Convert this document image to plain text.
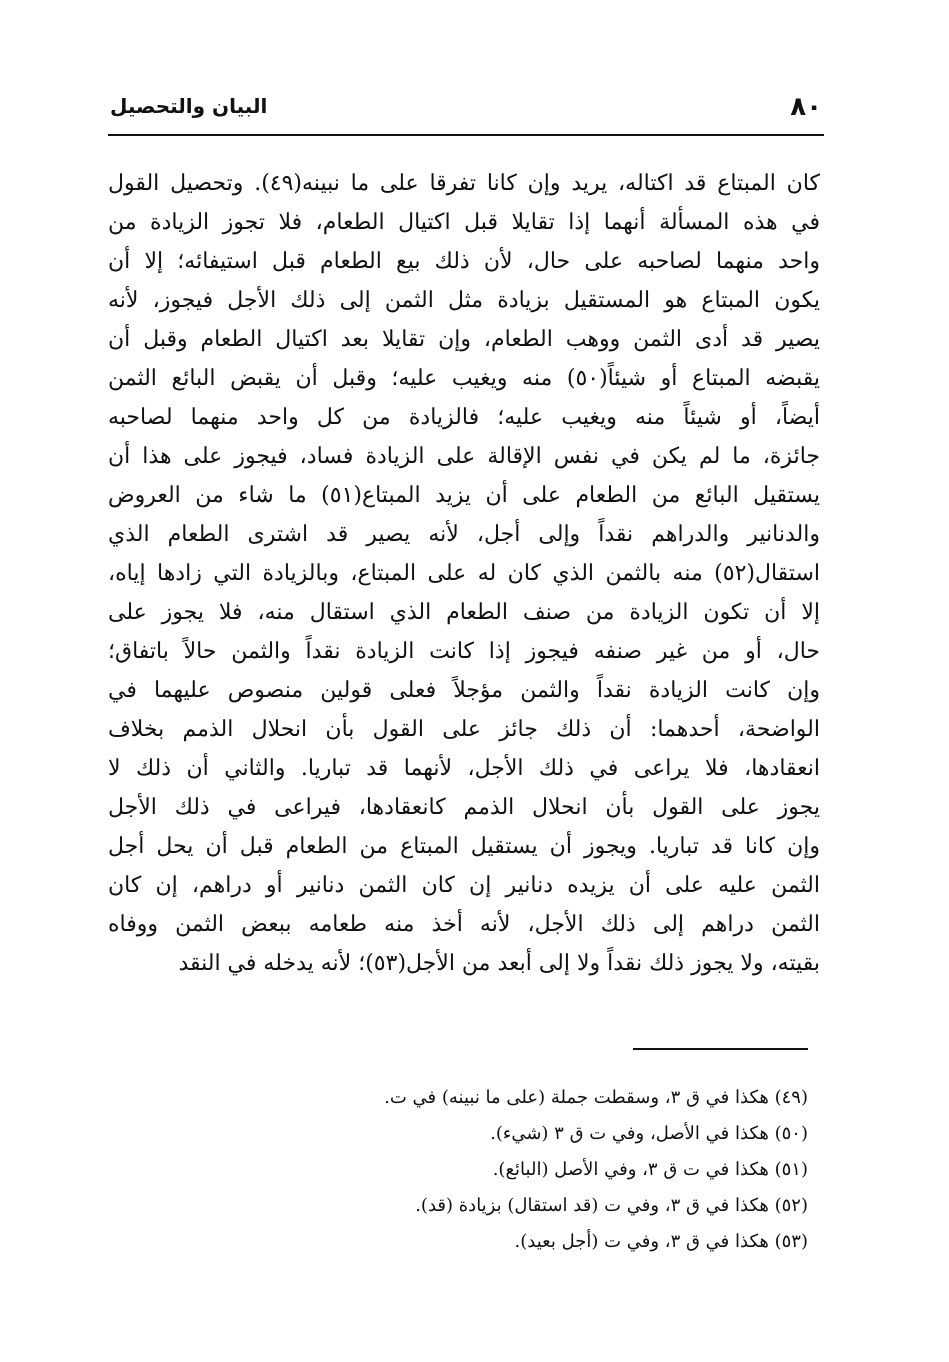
٨٠
البيان والتحصيل
كان المبتاع قد اكتاله، يريد وإن كانا تفرقا على ما نبينه(٤٩). وتحصيل القول
في هذه المسألة أنهما إذا تقايلا قبل اكتيال الطعام، فلا تجوز الزيادة من
واحد منهما لصاحبه على حال، لأن ذلك بيع الطعام قبل استيفائه؛ إلا أن
يكون المبتاع هو المستقيل بزيادة مثل الثمن إلى ذلك الأجل فيجوز، لأنه
يصير قد أدى الثمن ووهب الطعام، وإن تقايلا بعد اكتيال الطعام وقبل أن
يقبضه المبتاع أو شيئاً(٥٠) منه ويغيب عليه؛ وقبل أن يقبض البائع الثمن
أيضاً، أو شيئاً منه ويغيب عليه؛ فالزيادة من كل واحد منهما لصاحبه
جائزة، ما لم يكن في نفس الإقالة على الزيادة فساد، فيجوز على هذا أن
يستقيل البائع من الطعام على أن يزيد المبتاع(٥١) ما شاء من العروض
والدنانير والدراهم نقداً وإلى أجل، لأنه يصير قد اشترى الطعام الذي
استقال(٥٢) منه بالثمن الذي كان له على المبتاع، وبالزيادة التي زادها إياه،
إلا أن تكون الزيادة من صنف الطعام الذي استقال منه، فلا يجوز على
حال، أو من غير صنفه فيجوز إذا كانت الزيادة نقداً والثمن حالاً باتفاق؛
وإن كانت الزيادة نقداً والثمن مؤجلاً فعلى قولين منصوص عليهما في
الواضحة، أحدهما: أن ذلك جائز على القول بأن انحلال الذمم بخلاف
انعقادها، فلا يراعى في ذلك الأجل، لأنهما قد تباريا. والثاني أن ذلك لا
يجوز على القول بأن انحلال الذمم كانعقادها، فيراعى في ذلك الأجل
وإن كانا قد تباريا. ويجوز أن يستقيل المبتاع من الطعام قبل أن يحل أجل
الثمن عليه على أن يزيده دنانير إن كان الثمن دنانير أو دراهم، إن كان
الثمن دراهم إلى ذلك الأجل، لأنه أخذ منه طعامه ببعض الثمن ووفاه
بقيته، ولا يجوز ذلك نقداً ولا إلى أبعد من الأجل(٥٣)؛ لأنه يدخله في النقد
(٤٩) هكذا في ق ٣، وسقطت جملة (على ما نبينه) في ت.
(٥٠) هكذا في الأصل، وفي ت ق ٣ (شيء).
(٥١) هكذا في ت ق ٣، وفي الأصل (البائع).
(٥٢) هكذا في ق ٣، وفي ت (قد استقال) بزيادة (قد).
(٥٣) هكذا في ق ٣، وفي ت (أجل بعيد).
